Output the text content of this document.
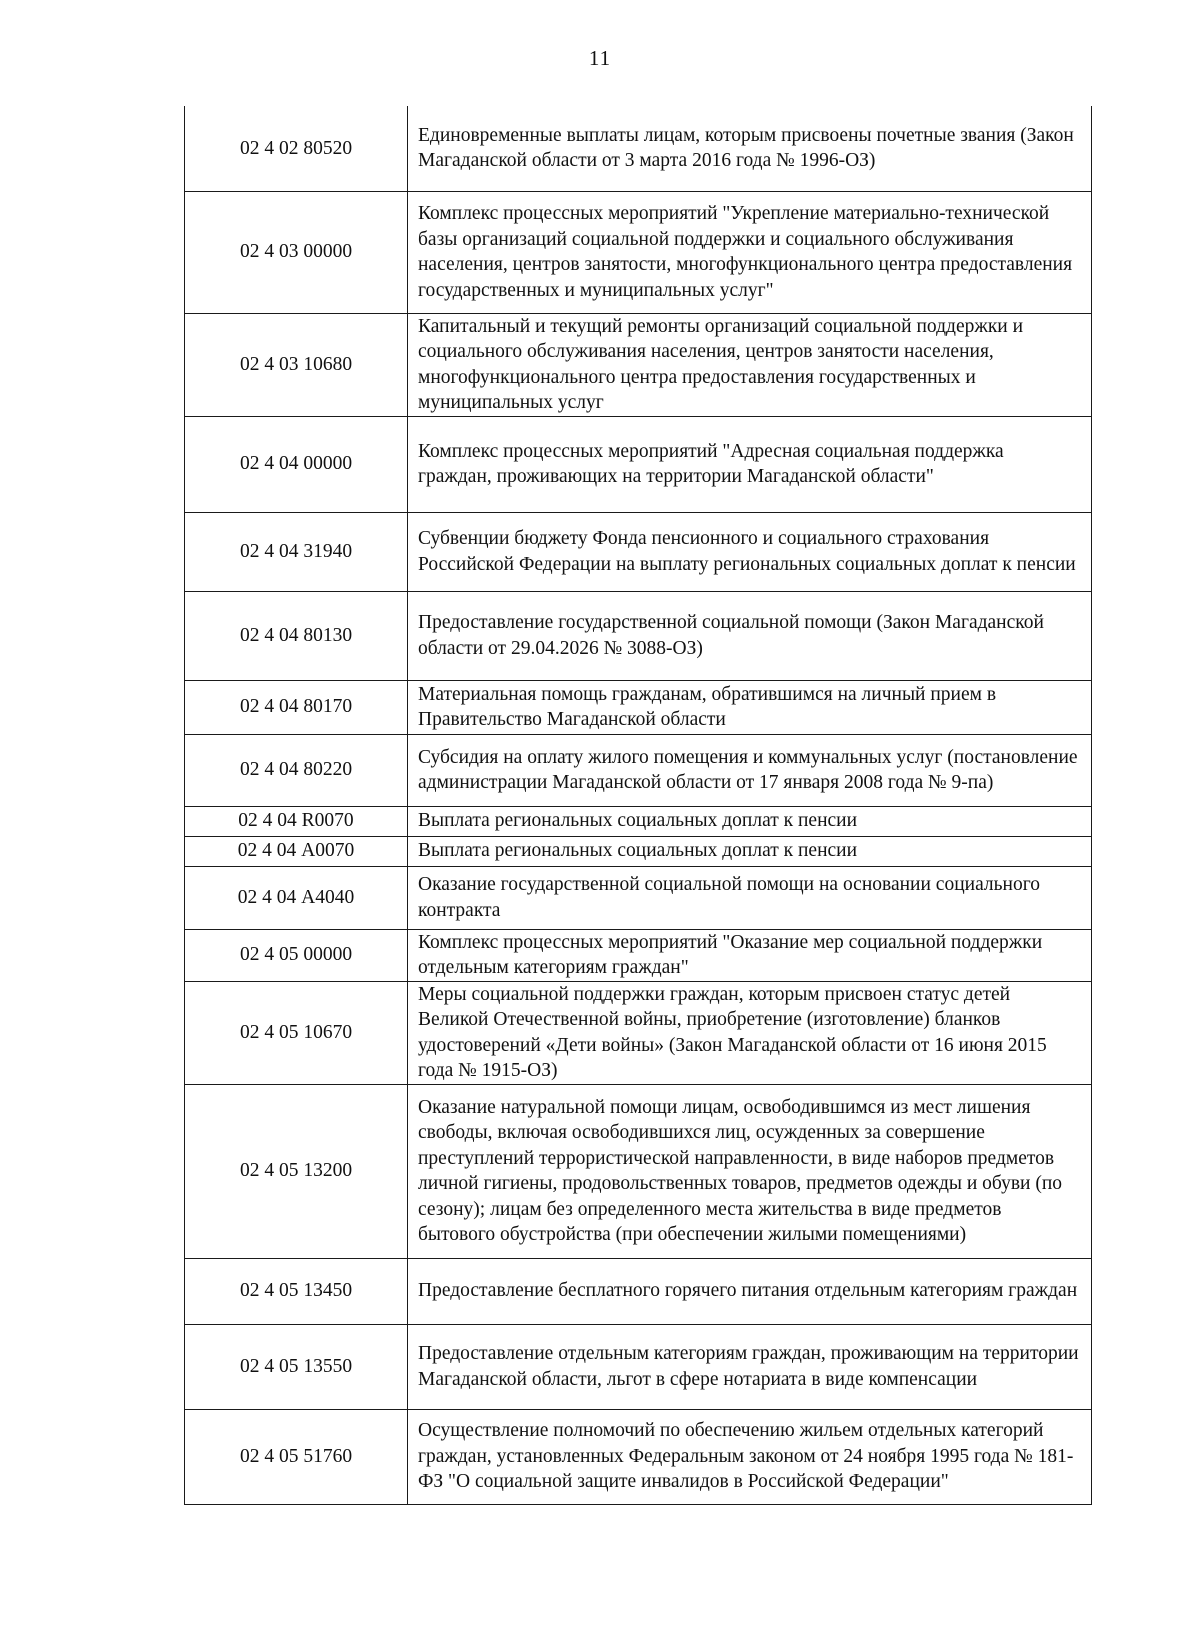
11
02 4 02 80520	Единовременные выплаты лицам, которым присвоены почетные звания (Закон Магаданской области от 3 марта 2016 года № 1996-ОЗ)
02 4 03 00000	Комплекс процессных мероприятий "Укрепление материально-технической базы организаций социальной поддержки и социального обслуживания населения, центров занятости, многофункционального центра предоставления государственных и муниципальных услуг"
02 4 03 10680	Капитальный и текущий ремонты организаций социальной поддержки и социального обслуживания населения, центров занятости населения, многофункционального центра предоставления государственных и муниципальных услуг
02 4 04 00000	Комплекс процессных мероприятий "Адресная социальная поддержка граждан, проживающих на территории Магаданской области"
02 4 04 31940	Субвенции бюджету Фонда пенсионного и социального страхования Российской Федерации на выплату региональных социальных доплат к пенсии
02 4 04 80130	Предоставление государственной социальной помощи (Закон Магаданской области от 29.04.2026 № 3088-ОЗ)
02 4 04 80170	Материальная помощь гражданам, обратившимся на личный прием в Правительство Магаданской области
02 4 04 80220	Субсидия на оплату жилого помещения и коммунальных услуг (постановление администрации Магаданской области от 17 января 2008 года № 9-па)
02 4 04 R0070	Выплата региональных социальных доплат к пенсии
02 4 04 А0070	Выплата региональных социальных доплат к пенсии
02 4 04 А4040	Оказание государственной социальной помощи на основании социального контракта
02 4 05 00000	Комплекс процессных мероприятий "Оказание мер социальной поддержки отдельным категориям граждан"
02 4 05 10670	Меры социальной поддержки граждан, которым присвоен статус детей Великой Отечественной войны, приобретение (изготовление) бланков удостоверений «Дети войны» (Закон Магаданской области от 16 июня 2015 года № 1915-ОЗ)
02 4 05 13200	Оказание натуральной помощи лицам, освободившимся из мест лишения свободы, включая освободившихся лиц, осужденных за совершение преступлений террористической направленности, в виде наборов предметов личной гигиены, продовольственных товаров, предметов одежды и обуви (по сезону); лицам без определенного места жительства в виде предметов бытового обустройства (при обеспечении жилыми помещениями)
02 4 05 13450	Предоставление бесплатного горячего питания отдельным категориям граждан
02 4 05 13550	Предоставление отдельным категориям граждан, проживающим на территории Магаданской области, льгот в сфере нотариата в виде компенсации
02 4 05 51760	Осуществление полномочий по обеспечению жильем отдельных категорий граждан, установленных Федеральным законом от 24 ноября 1995 года № 181-ФЗ "О социальной защите инвалидов в Российской Федерации"
